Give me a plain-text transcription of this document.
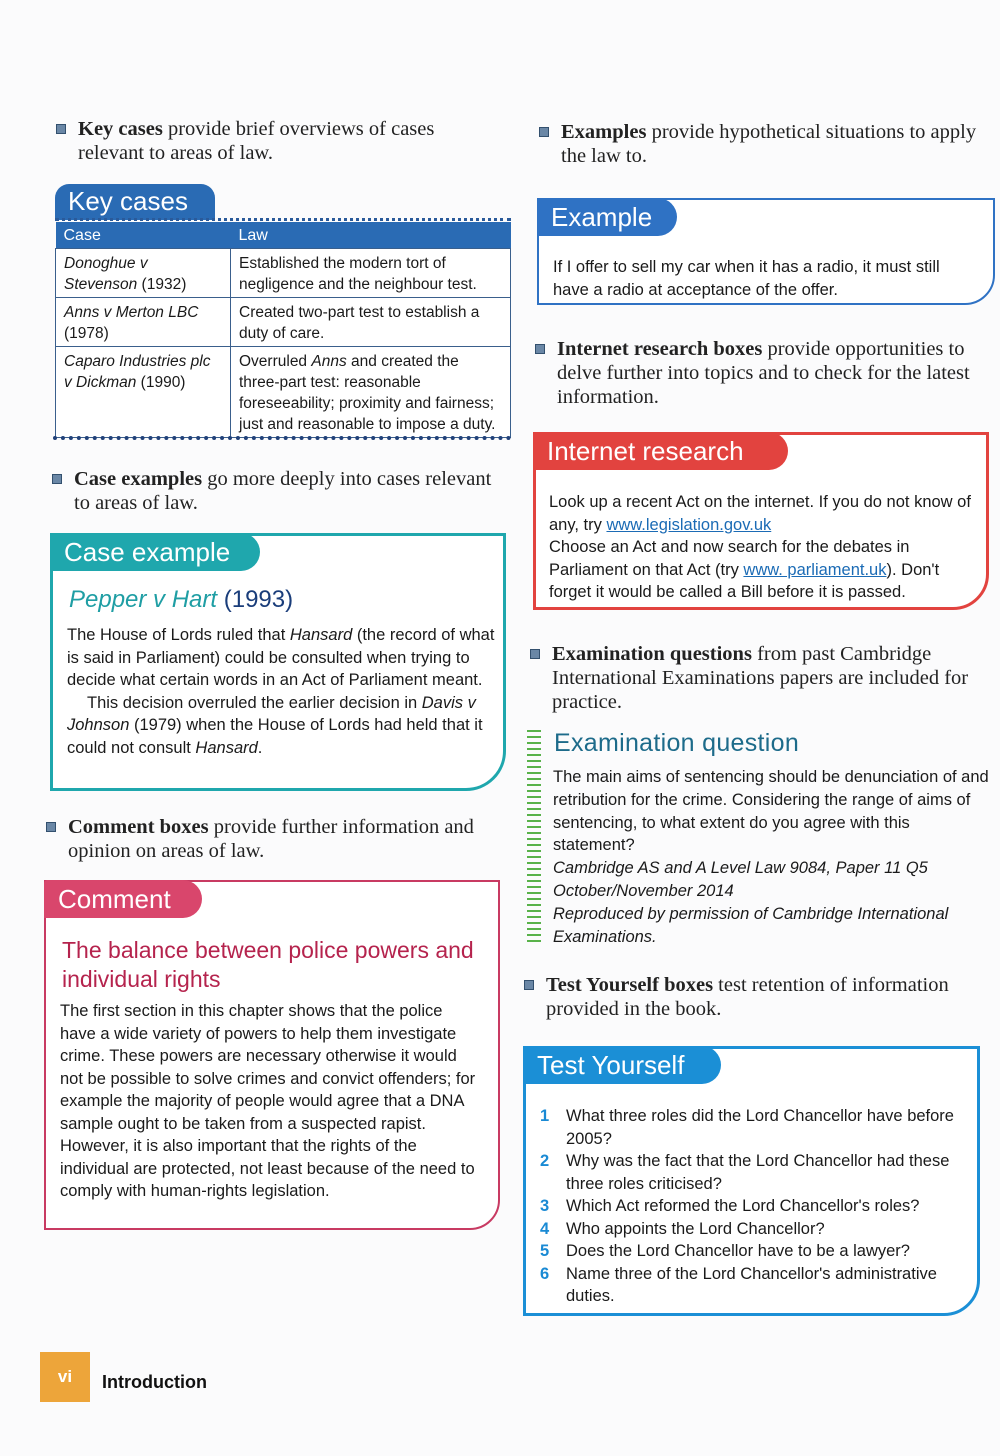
Key cases provide brief overviews of cases relevant to areas of law.
Key cases
Case	Law
Donoghue v Stevenson (1932)	Established the modern tort of negligence and the neighbour test.
Anns v Merton LBC (1978)	Created two-part test to establish a duty of care.
Caparo Industries plc v Dickman (1990)	Overruled Anns and created the three-part test: reasonable foreseeability; proximity and fairness; just and reasonable to impose a duty.
Case examples go more deeply into cases relevant to areas of law.
Case example
Pepper v Hart (1993)
The House of Lords ruled that Hansard (the record of what is said in Parliament) could be consulted when trying to decide what certain words in an Act of Parliament meant.
This decision overruled the earlier decision in Davis v Johnson (1979) when the House of Lords had held that it could not consult Hansard.
Comment boxes provide further information and opinion on areas of law.
Comment
The balance between police powers and individual rights
The first section in this chapter shows that the police have a wide variety of powers to help them investigate crime. These powers are necessary otherwise it would not be possible to solve crimes and convict offenders; for example the majority of people would agree that a DNA sample ought to be taken from a suspected rapist. However, it is also important that the rights of the individual are protected, not least because of the need to comply with human-rights legislation.
Examples provide hypothetical situations to apply the law to.
Example
If I offer to sell my car when it has a radio, it must still have a radio at acceptance of the offer.
Internet research boxes provide opportunities to delve further into topics and to check for the latest information.
Internet research
Look up a recent Act on the internet. If you do not know of any, try www.legislation.gov.uk
Choose an Act and now search for the debates in Parliament on that Act (try www. parliament.uk). Don't forget it would be called a Bill before it is passed.
Examination questions from past Cambridge International Examinations papers are included for practice.
Examination question
The main aims of sentencing should be denunciation of and retribution for the crime. Considering the range of aims of sentencing, to what extent do you agree with this statement?
Cambridge AS and A Level Law 9084, Paper 11 Q5
October/November 2014
Reproduced by permission of Cambridge International Examinations.
Test Yourself boxes test retention of information provided in the book.
Test Yourself
1 What three roles did the Lord Chancellor have before 2005?
2 Why was the fact that the Lord Chancellor had these three roles criticised?
3 Which Act reformed the Lord Chancellor's roles?
4 Who appoints the Lord Chancellor?
5 Does the Lord Chancellor have to be a lawyer?
6 Name three of the Lord Chancellor's administrative duties.
vi	Introduction
